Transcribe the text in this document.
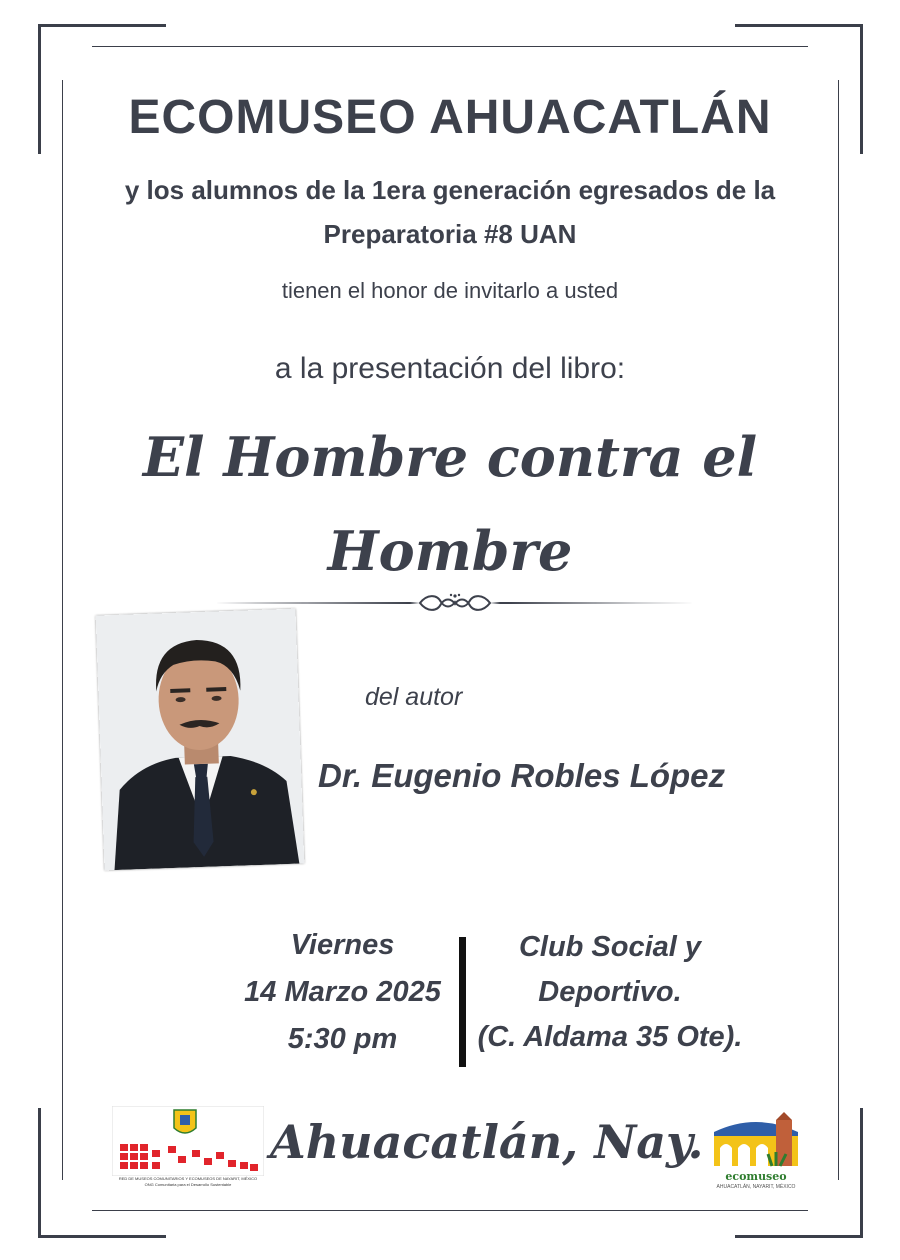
ECOMUSEO AHUACATLÁN
y los alumnos de la 1era generación egresados de la
Preparatoria #8 UAN
tienen el honor de invitarlo a usted
a la presentación del libro:
El Hombre contra el
Hombre
del autor
Dr. Eugenio Robles López
Viernes
14 Marzo 2025
5:30 pm
Club Social y
Deportivo.
(C. Aldama 35 Ote).
RED DE MUSEOS COMUNITARIOS Y ECOMUSEOS DE NAYARIT, MÉXICO
ONG Comunitaria para el Desarrollo Sustentable
Ahuacatlán, Nay.
ecomuseo
AHUACATLÁN, NAYARIT, MÉXICO
